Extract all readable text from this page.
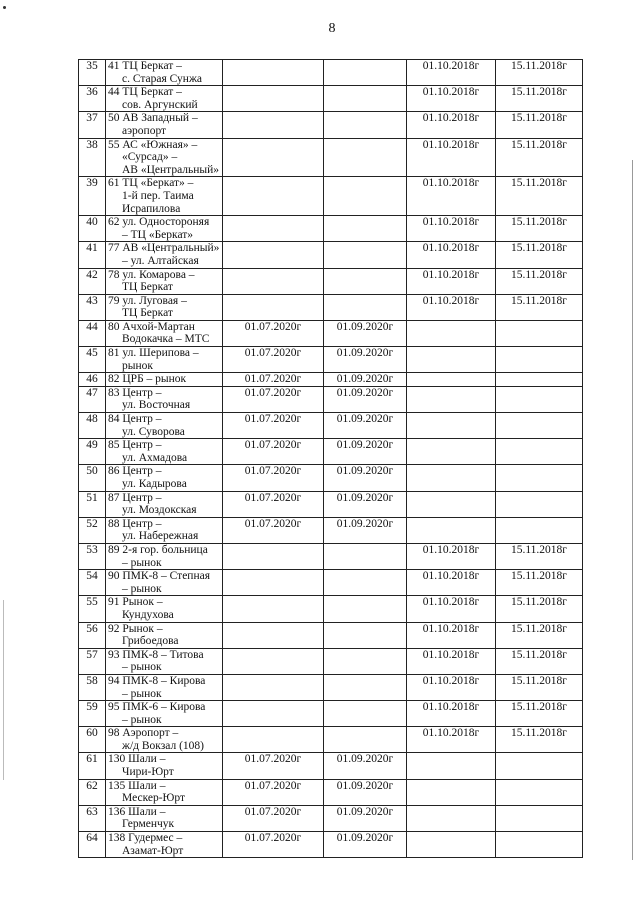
8
35	41 ТЦ Беркат –
с. Старая Сунжа			01.10.2018г	15.11.2018г
36	44 ТЦ Беркат –
сов. Аргунский			01.10.2018г	15.11.2018г
37	50 АВ Западный –
аэропорт			01.10.2018г	15.11.2018г
38	55 АС «Южная» –
«Сурсад» –
АВ «Центральный»			01.10.2018г	15.11.2018г
39	61 ТЦ «Беркат» –
1-й пер. Таима
Исрапилова			01.10.2018г	15.11.2018г
40	62 ул. Одностороняя
– ТЦ «Беркат»			01.10.2018г	15.11.2018г
41	77 АВ «Центральный»
– ул. Алтайская			01.10.2018г	15.11.2018г
42	78 ул. Комарова –
ТЦ Беркат			01.10.2018г	15.11.2018г
43	79 ул. Луговая –
ТЦ Беркат			01.10.2018г	15.11.2018г
44	80 Ачхой-Мартан
Водокачка – МТС	01.07.2020г	01.09.2020г		
45	81 ул. Шерипова –
рынок	01.07.2020г	01.09.2020г		
46	82 ЦРБ – рынок	01.07.2020г	01.09.2020г		
47	83 Центр –
ул. Восточная	01.07.2020г	01.09.2020г		
48	84 Центр –
ул. Суворова	01.07.2020г	01.09.2020г		
49	85 Центр –
ул. Ахмадова	01.07.2020г	01.09.2020г		
50	86 Центр –
ул. Кадырова	01.07.2020г	01.09.2020г		
51	87 Центр –
ул. Моздокская	01.07.2020г	01.09.2020г		
52	88 Центр –
ул. Набережная	01.07.2020г	01.09.2020г		
53	89 2-я гор. больница
– рынок			01.10.2018г	15.11.2018г
54	90 ПМК-8 – Степная
– рынок			01.10.2018г	15.11.2018г
55	91 Рынок –
Кундухова			01.10.2018г	15.11.2018г
56	92 Рынок –
Грибоедова			01.10.2018г	15.11.2018г
57	93 ПМК-8 – Титова
– рынок			01.10.2018г	15.11.2018г
58	94 ПМК-8 – Кирова
– рынок			01.10.2018г	15.11.2018г
59	95 ПМК-6 – Кирова
– рынок			01.10.2018г	15.11.2018г
60	98 Аэропорт –
ж/д Вокзал (108)			01.10.2018г	15.11.2018г
61	130 Шали –
Чири-Юрт	01.07.2020г	01.09.2020г		
62	135 Шали –
Мескер-Юрт	01.07.2020г	01.09.2020г		
63	136 Шали –
Герменчук	01.07.2020г	01.09.2020г		
64	138 Гудермес –
Азамат-Юрт	01.07.2020г	01.09.2020г		
